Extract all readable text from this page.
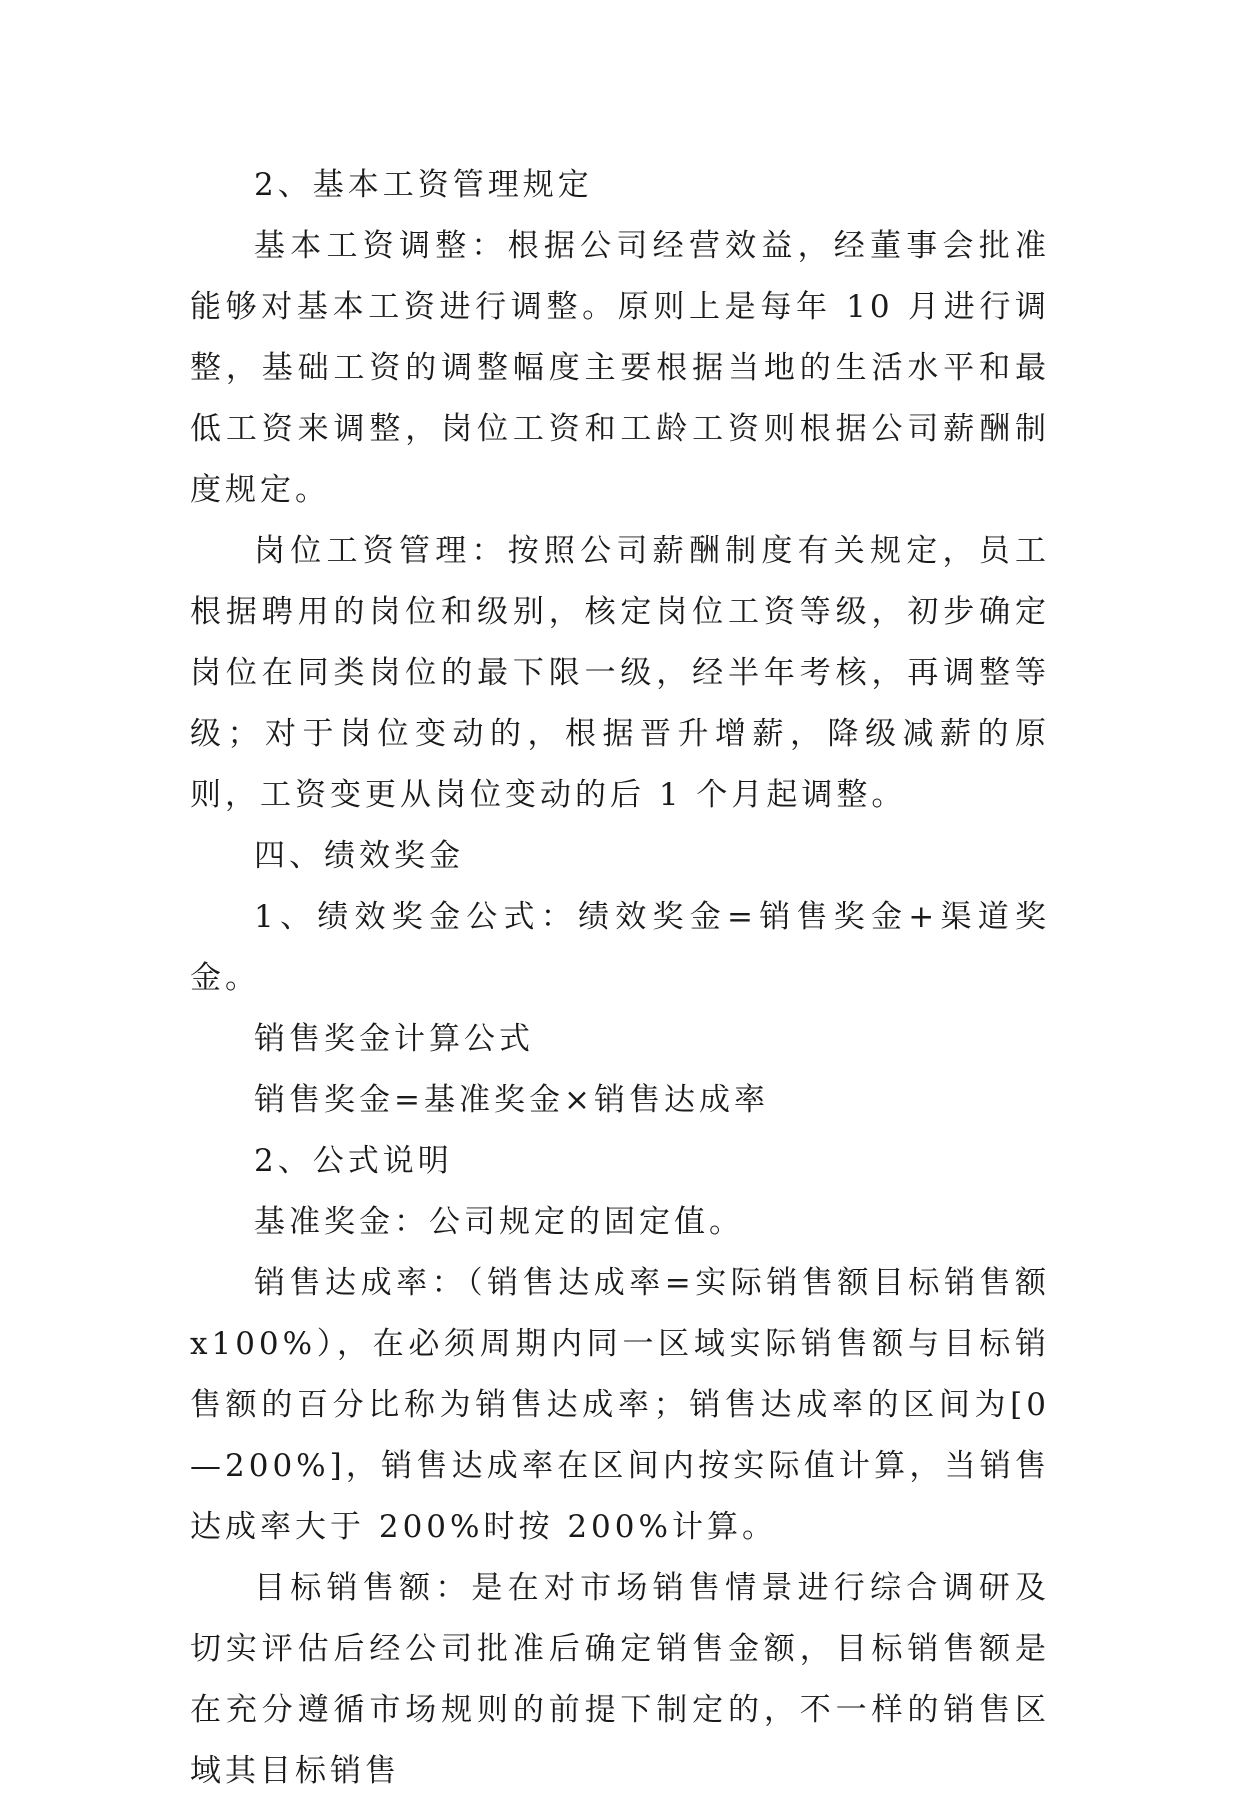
2、基本工资管理规定

基本工资调整：根据公司经营效益，经董事会批准能够对基本工资进行调整。原则上是每年 10 月进行调整，基础工资的调整幅度主要根据当地的生活水平和最低工资来调整，岗位工资和工龄工资则根据公司薪酬制度规定。

岗位工资管理：按照公司薪酬制度有关规定，员工根据聘用的岗位和级别，核定岗位工资等级，初步确定岗位在同类岗位的最下限一级，经半年考核，再调整等级；对于岗位变动的，根据晋升增薪，降级减薪的原则，工资变更从岗位变动的后 1 个月起调整。

四、绩效奖金

1、绩效奖金公式：绩效奖金=销售奖金+渠道奖金。

销售奖金计算公式

销售奖金=基准奖金×销售达成率

2、公式说明

基准奖金：公司规定的固定值。

销售达成率：（销售达成率=实际销售额目标销售额x100%），在必须周期内同一区域实际销售额与目标销售额的百分比称为销售达成率；销售达成率的区间为[0—200%]，销售达成率在区间内按实际值计算，当销售达成率大于 200%时按 200%计算。

目标销售额：是在对市场销售情景进行综合调研及切实评估后经公司批准后确定销售金额，目标销售额是在充分遵循市场规则的前提下制定的，不一样的销售区域其目标销售
